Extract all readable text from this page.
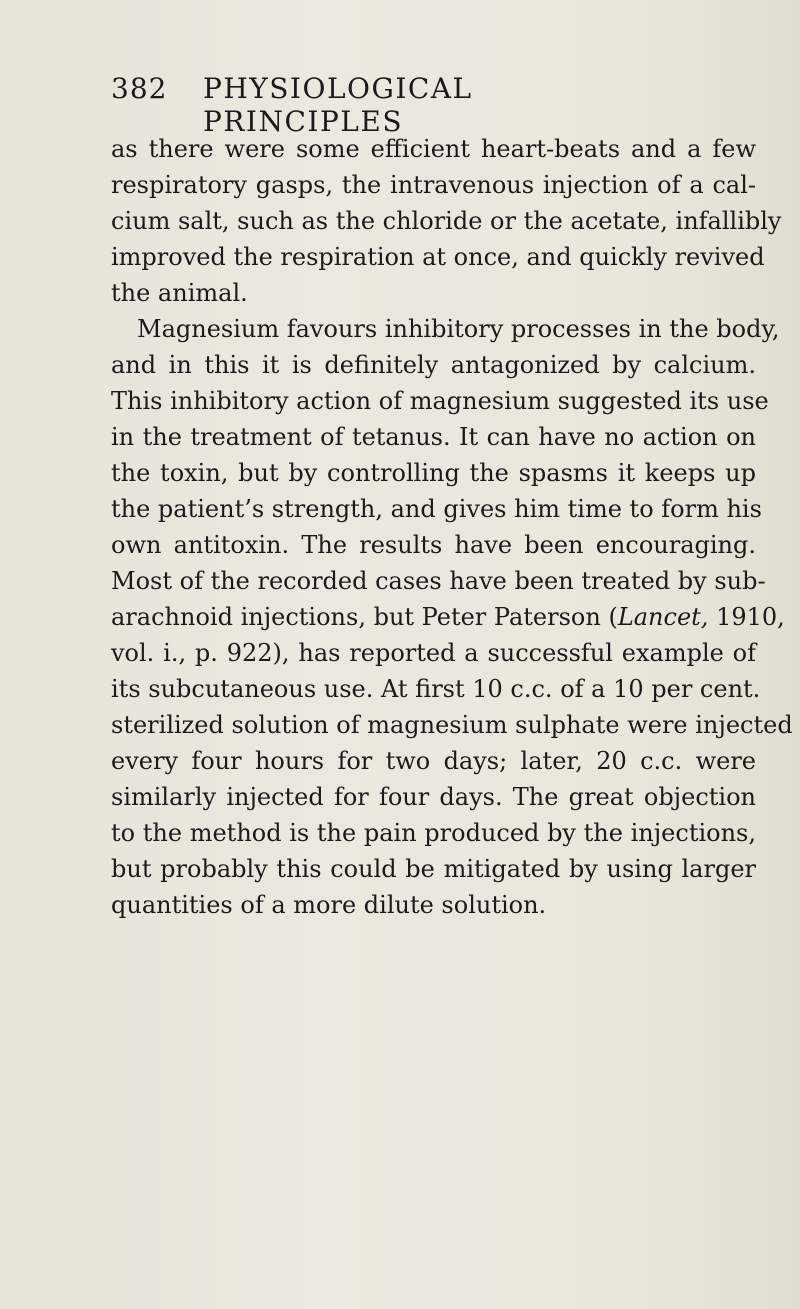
382 PHYSIOLOGICAL PRINCIPLES
as there were some efficient heart-beats and a few
respiratory gasps, the intravenous injection of a cal-
cium salt, such as the chloride or the acetate, infallibly
improved the respiration at once, and quickly revived
the animal.
Magnesium favours inhibitory processes in the body,
and in this it is definitely antagonized by calcium.
This inhibitory action of magnesium suggested its use
in the treatment of tetanus. It can have no action on
the toxin, but by controlling the spasms it keeps up
the patient’s strength, and gives him time to form his
own antitoxin. The results have been encouraging.
Most of the recorded cases have been treated by sub-
arachnoid injections, but Peter Paterson (Lancet, 1910,
vol. i., p. 922), has reported a successful example of
its subcutaneous use. At first 10 c.c. of a 10 per cent.
sterilized solution of magnesium sulphate were injected
every four hours for two days; later, 20 c.c. were
similarly injected for four days. The great objection
to the method is the pain produced by the injections,
but probably this could be mitigated by using larger
quantities of a more dilute solution.
